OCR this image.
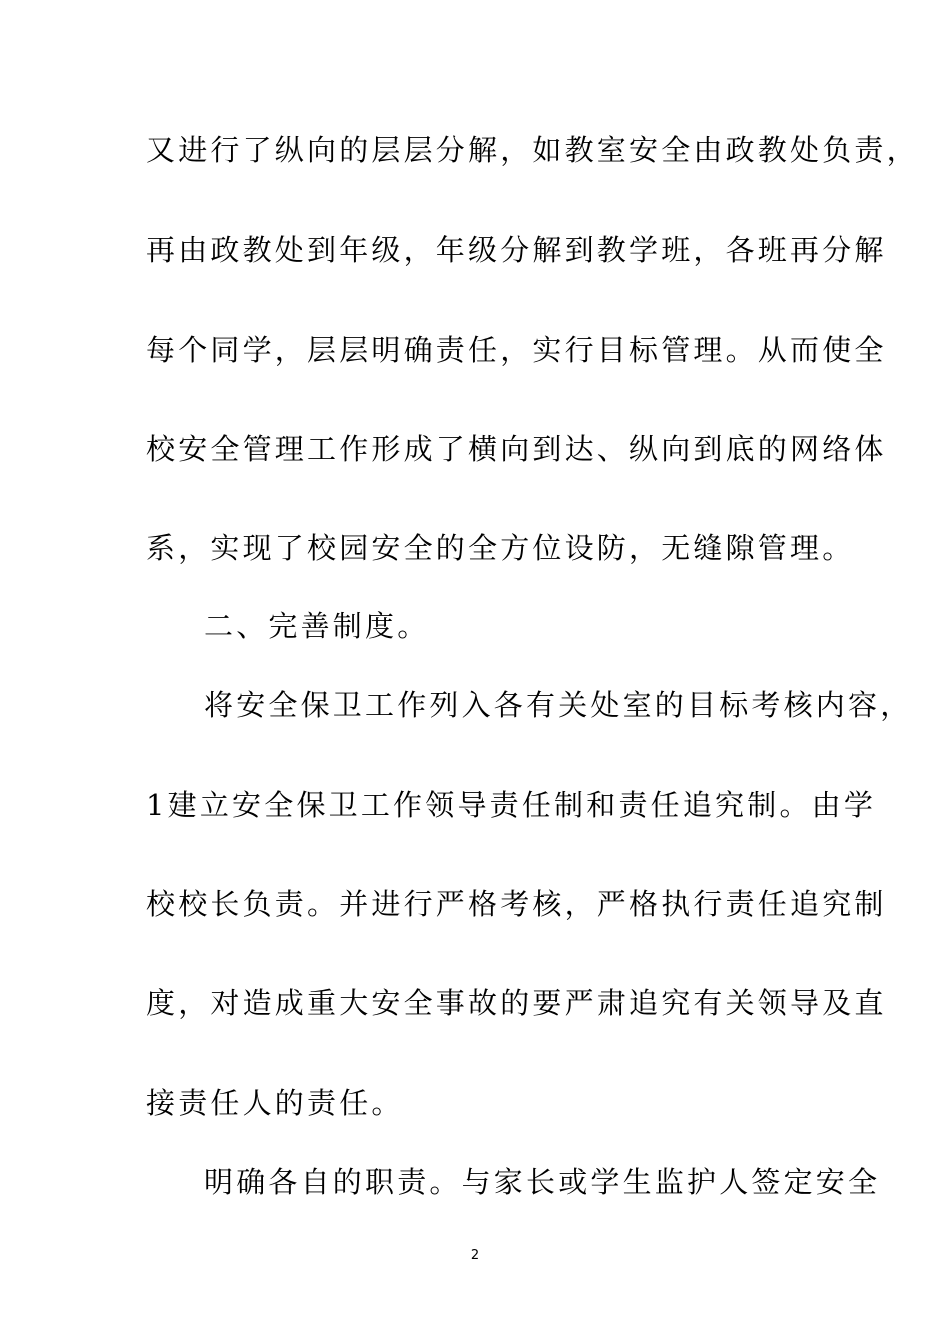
又进行了纵向的层层分解，如教室安全由政教处负责，
再由政教处到年级，年级分解到教学班，各班再分解
每个同学，层层明确责任，实行目标管理。从而使全
校安全管理工作形成了横向到达、纵向到底的网络体
系，实现了校园安全的全方位设防，无缝隙管理。
二、完善制度。
将安全保卫工作列入各有关处室的目标考核内容，
1建立安全保卫工作领导责任制和责任追究制。由学
校校长负责。并进行严格考核，严格执行责任追究制
度，对造成重大安全事故的要严肃追究有关领导及直
接责任人的责任。
明确各自的职责。与家长或学生监护人签定安全
2
